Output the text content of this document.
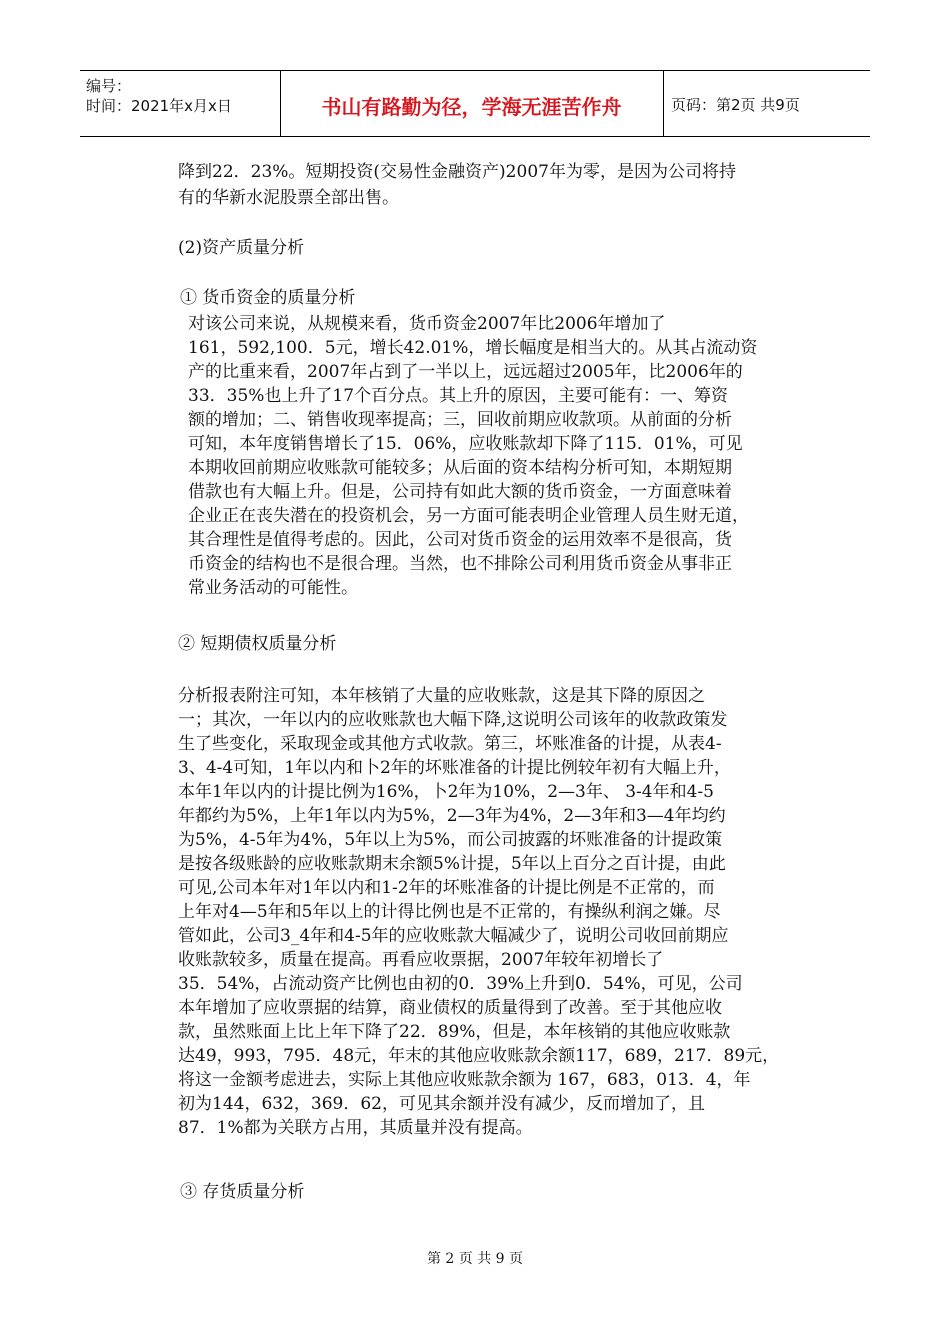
编号：
时间：2021年x月x日	书山有路勤为径，学海无涯苦作舟	页码：第2页 共9页
降到22．23%。短期投资(交易性金融资产)2007年为零，是因为公司将持
有的华新水泥股票全部出售。
(2)资产质量分析
① 货币资金的质量分析
对该公司来说，从规模来看，货币资金2007年比2006年增加了
161，592,100．5元，增长42.01%，增长幅度是相当大的。从其占流动资
产的比重来看，2007年占到了一半以上，远远超过2005年，比2006年的
33．35%也上升了17个百分点。其上升的原因，主要可能有：一、筹资
额的增加；二、销售收现率提高；三，回收前期应收款项。从前面的分析
可知，本年度销售增长了15．06%，应收账款却下降了115．01%，可见
本期收回前期应收账款可能较多；从后面的资本结构分析可知，本期短期
借款也有大幅上升。但是，公司持有如此大额的货币资金，一方面意味着
企业正在丧失潜在的投资机会，另一方面可能表明企业管理人员生财无道，
其合理性是值得考虑的。因此，公司对货币资金的运用效率不是很高，货
币资金的结构也不是很合理。当然，也不排除公司利用货币资金从事非正
常业务活动的可能性。
② 短期债权质量分析
分析报表附注可知，本年核销了大量的应收账款，这是其下降的原因之
一；其次，一年以内的应收账款也大幅下降,这说明公司该年的收款政策发
生了些变化，采取现金或其他方式收款。第三，坏账准备的计提，从表4-
3、4-4可知，1年以内和卜2年的坏账准备的计提比例较年初有大幅上升，
本年1年以内的计提比例为16%，卜2年为10%，2—3年、 3-4年和4-5
年都约为5%，上年1年以内为5%，2—3年为4%，2—3年和3—4年均约
为5%，4-5年为4%，5年以上为5%，而公司披露的坏账准备的计提政策
是按各级账龄的应收账款期末余额5%计提，5年以上百分之百计提，由此
可见,公司本年对1年以内和1-2年的坏账准备的计提比例是不正常的，而
上年对4—5年和5年以上的计得比例也是不正常的，有操纵利润之嫌。尽
管如此，公司3_4年和4-5年的应收账款大幅减少了，说明公司收回前期应
收账款较多，质量在提高。再看应收票据，2007年较年初增长了
35．54%，占流动资产比例也由初的0．39%上升到0．54%，可见，公司
本年增加了应收票据的结算，商业债权的质量得到了改善。至于其他应收
款，虽然账面上比上年下降了22．89%，但是，本年核销的其他应收账款
达49，993，795．48元，年末的其他应收账款余额117，689，217．89元，
将这一金额考虑进去，实际上其他应收账款余额为 167，683，013．4，年
初为144，632，369．62，可见其余额并没有减少，反而增加了，且
87．1%都为关联方占用，其质量并没有提高。
③ 存货质量分析
第 2 页 共 9 页
